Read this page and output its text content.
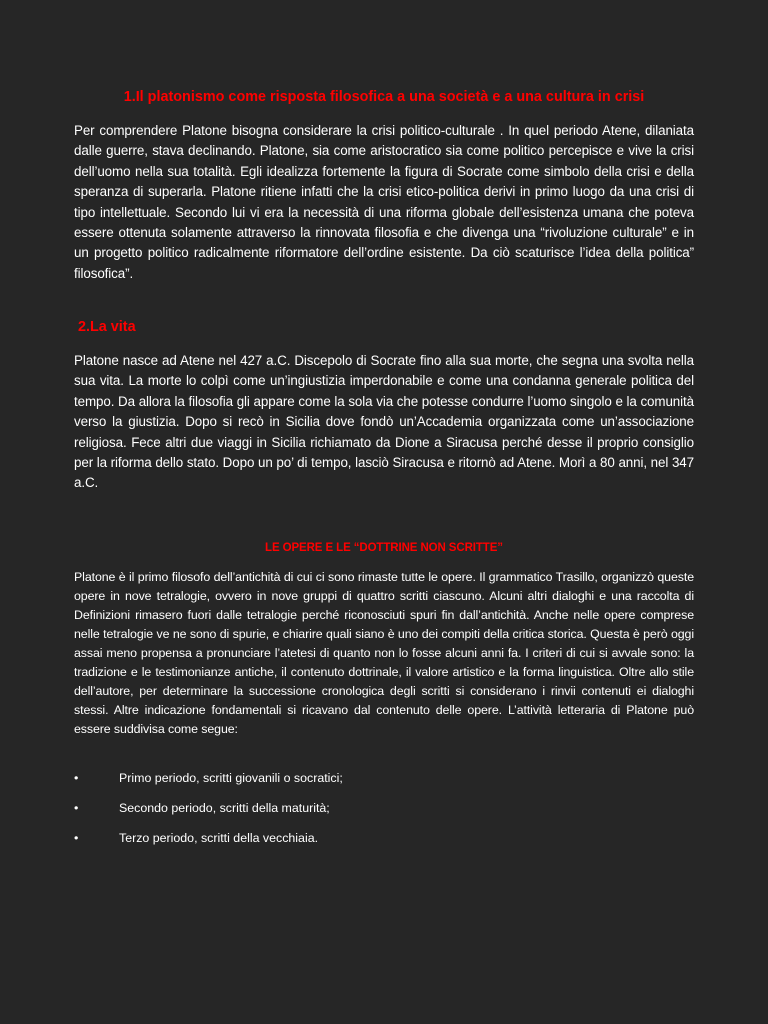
1.Il platonismo come risposta filosofica a una società e a una cultura in crisi

Per comprendere Platone bisogna considerare la crisi politico-culturale . In quel periodo Atene, dilaniata dalle guerre, stava declinando. Platone, sia come aristocratico sia come politico percepisce e vive la crisi dell’uomo nella sua totalità. Egli idealizza fortemente la figura di Socrate come simbolo della crisi e della speranza di superarla. Platone ritiene infatti che la crisi etico-politica derivi in primo luogo da una crisi di tipo intellettuale. Secondo lui vi era la necessità di una riforma globale dell’esistenza umana che poteva essere ottenuta solamente attraverso la rinnovata filosofia e che divenga una “rivoluzione culturale” e in un progetto politico radicalmente riformatore dell’ordine esistente. Da ciò scaturisce l’idea della politica” filosofica”.

2.La vita

Platone nasce ad Atene nel 427 a.C. Discepolo di Socrate fino alla sua morte, che segna una svolta nella sua vita. La morte lo colpì come un’ingiustizia imperdonabile e come una condanna generale politica del tempo. Da allora la filosofia gli appare come la sola via che potesse condurre l’uomo singolo e la comunità verso la giustizia. Dopo si recò in Sicilia dove fondò un’Accademia organizzata come un’associazione religiosa. Fece altri due viaggi in Sicilia richiamato da Dione a Siracusa perché desse il proprio consiglio per la riforma dello stato. Dopo un po’ di tempo, lasciò Siracusa e ritornò ad Atene. Morì a 80 anni, nel 347 a.C.

LE OPERE E LE “DOTTRINE NON SCRITTE”

Platone è il primo filosofo dell’antichità di cui ci sono rimaste tutte le opere. Il grammatico Trasillo, organizzò queste opere in nove tetralogie, ovvero in nove gruppi di quattro scritti ciascuno. Alcuni altri dialoghi e una raccolta di Definizioni rimasero fuori dalle tetralogie perché riconosciuti spuri fin dall’antichità. Anche nelle opere comprese nelle tetralogie ve ne sono di spurie, e chiarire quali siano è uno dei compiti della critica storica. Questa è però oggi assai meno propensa a pronunciare l’atetesi di quanto non lo fosse alcuni anni fa. I criteri di cui si avvale sono: la tradizione e le testimonianze antiche, il contenuto dottrinale, il valore artistico e la forma linguistica. Oltre allo stile dell’autore, per determinare la successione cronologica degli scritti si considerano i rinvii contenuti ei dialoghi stessi. Altre indicazione fondamentali si ricavano dal contenuto delle opere. L’attività letteraria di Platone può essere suddivisa come segue:

•	Primo periodo, scritti giovanili o socratici;
•	Secondo periodo, scritti della maturità;
•	Terzo periodo, scritti della vecchiaia.
